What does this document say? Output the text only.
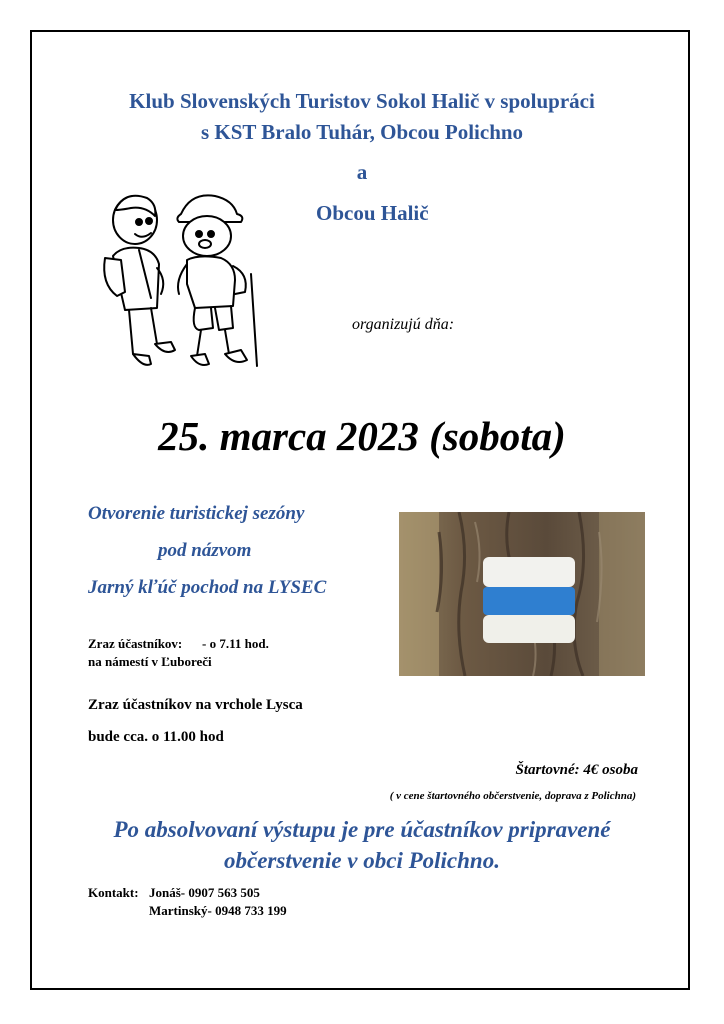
Klub Slovenských Turistov Sokol Halič v spolupráci
s KST Bralo Tuhár, Obcou Polichno
a
Obcou Halič
organizujú dňa:
25. marca 2023 (sobota)
Otvorenie turistickej sezóny
pod názvom
Jarný kľúč pochod na LYSEC
Zraz účastníkov: - o 7.11 hod.
na námestí v Ľuboreči
Zraz účastníkov na vrchole Lysca
bude cca. o 11.00 hod
Štartovné: 4€ osoba
( v cene štartovného občerstvenie, doprava z Polichna)
Po absolvovaní výstupu je pre účastníkov pripravené
občerstvenie v obci Polichno.
Kontakt: Jonáš- 0907 563 505
Martinský- 0948 733 199
